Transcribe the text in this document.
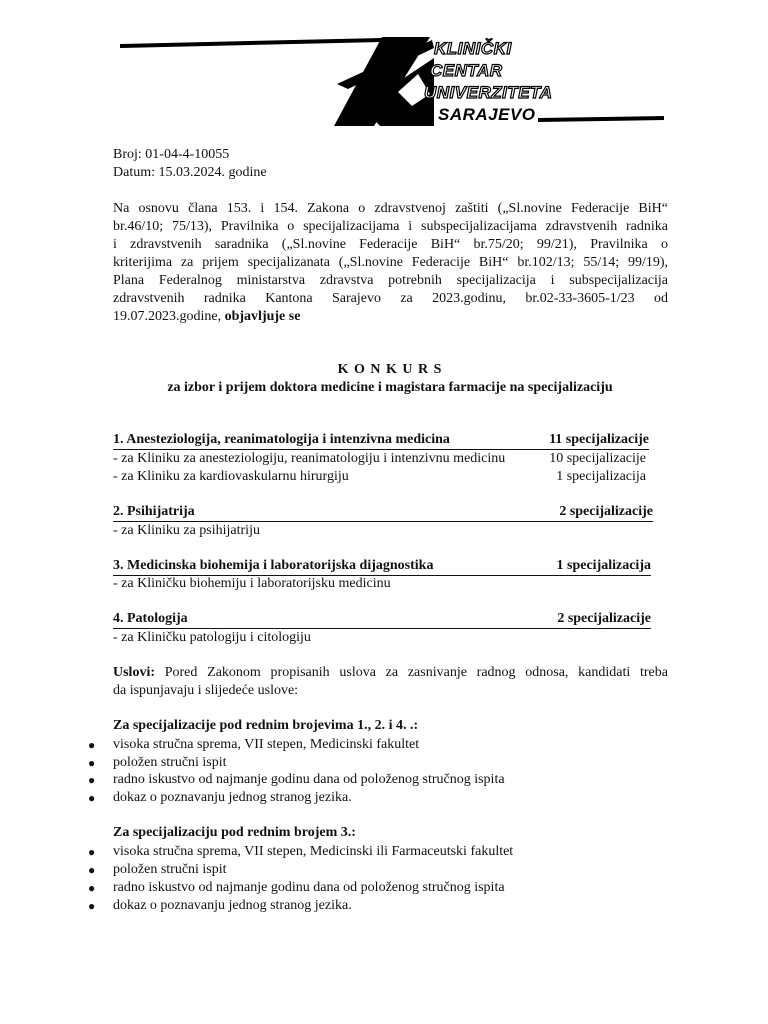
KLINIČKI
CENTAR
UNIVERZITETA
SARAJEVO
Broj: 01-04-4-10055
Datum: 15.03.2024. godine
Na osnovu člana 153. i 154. Zakona o zdravstvenoj zaštiti („Sl.novine Federacije BiH“
br.46/10; 75/13), Pravilnika o specijalizacijama i subspecijalizacijama zdravstvenih radnika
i zdravstvenih saradnika („Sl.novine Federacije BiH“ br.75/20; 99/21), Pravilnika o
kriterijima za prijem specijalizanata („Sl.novine Federacije BiH“ br.102/13; 55/14; 99/19),
Plana Federalnog ministarstva zdravstva potrebnih specijalizacija i subspecijalizacija
zdravstvenih radnika Kantona Sarajevo za 2023.godinu, br.02-33-3605-1/23 od
19.07.2023.godine, objavljuje se
K O N K U R S
za izbor i prijem doktora medicine i magistara farmacije na specijalizaciju
1. Anesteziologija, reanimatologija i intenzivna medicina	11 specijalizacije
- za Kliniku za anesteziologiju, reanimatologiju i intenzivnu medicinu	10 specijalizacije
- za Kliniku za kardiovaskularnu hirurgiju	1 specijalizacija
2. Psihijatrija	2 specijalizacije
- za Kliniku za psihijatriju
3. Medicinska biohemija i laboratorijska dijagnostika	1 specijalizacija
- za Kliničku biohemiju i laboratorijsku medicinu
4. Patologija	2 specijalizacije
- za Kliničku patologiju i citologiju
Uslovi: Pored Zakonom propisanih uslova za zasnivanje radnog odnosa, kandidati treba
da ispunjavaju i slijedeće uslove:
Za specijalizacije pod rednim brojevima 1., 2. i 4. .:
●	visoka stručna sprema, VII stepen, Medicinski fakultet
●	položen stručni ispit
●	radno iskustvo od najmanje godinu dana od položenog stručnog ispita
●	dokaz o poznavanju jednog stranog jezika.
Za specijalizaciju pod rednim brojem 3.:
●	visoka stručna sprema, VII stepen, Medicinski ili Farmaceutski fakultet
●	položen stručni ispit
●	radno iskustvo od najmanje godinu dana od položenog stručnog ispita
●	dokaz o poznavanju jednog stranog jezika.
